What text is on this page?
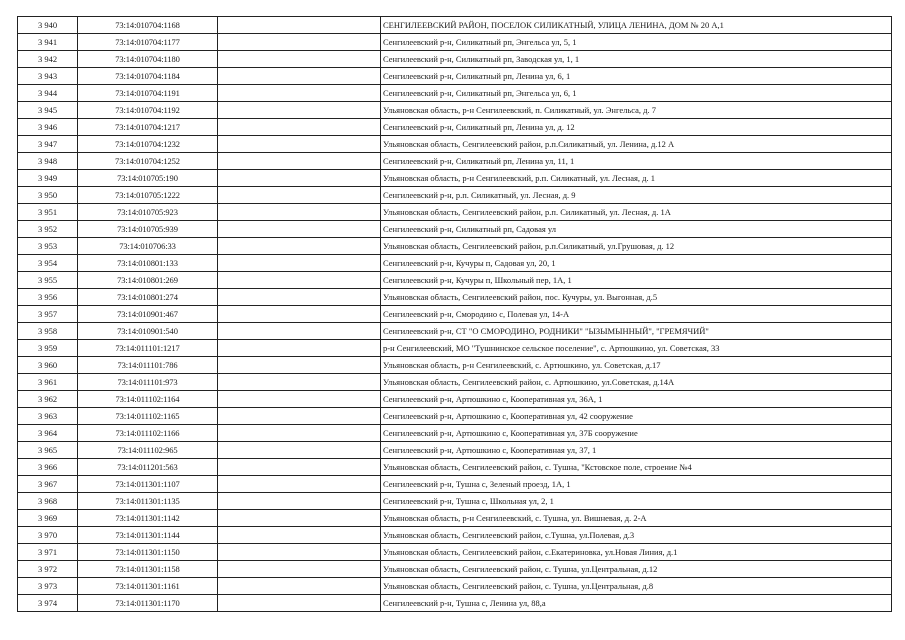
3 940	73:14:010704:1168		СЕНГИЛЕЕВСКИЙ РАЙОН, ПОСЕЛОК СИЛИКАТНЫЙ, УЛИЦА ЛЕНИНА, ДОМ № 20 А,1
3 941	73:14:010704:1177		Сенгилеевский р-н, Силикатный рп, Энгельса ул, 5, 1
3 942	73:14:010704:1180		Сенгилеевский р-н, Силикатный рп, Заводская ул, 1, 1
3 943	73:14:010704:1184		Сенгилеевский р-н, Силикатный рп, Ленина ул, 6, 1
3 944	73:14:010704:1191		Сенгилеевский р-н, Силикатный рп, Энгельса ул, 6, 1
3 945	73:14:010704:1192		Ульяновская область, р-н Сенгилеевский, п. Силикатный, ул. Энгельса, д. 7
3 946	73:14:010704:1217		Сенгилеевский р-н, Силикатный рп, Ленина ул, д. 12
3 947	73:14:010704:1232		Ульяновская область, Сенгилеевский район, р.п.Силикатный, ул. Ленина, д.12 А
3 948	73:14:010704:1252		Сенгилеевский р-н, Силикатный рп, Ленина ул, 11, 1
3 949	73:14:010705:190		Ульяновская область, р-н Сенгилеевский, р.п. Силикатный, ул. Лесная, д. 1
3 950	73:14:010705:1222		Сенгилеевский р-н, р.п. Силикатный, ул. Лесная, д. 9
3 951	73:14:010705:923		Ульяновская область, Сенгилеевский район, р.п. Силикатный, ул. Лесная, д. 1А
3 952	73:14:010705:939		Сенгилеевский р-н, Силикатный рп, Садовая ул
3 953	73:14:010706:33		Ульяновская область, Сенгилеевский район, р.п.Силикатный, ул.Грушовая, д. 12
3 954	73:14:010801:133		Сенгилеевский р-н, Кучуры п, Садовая ул, 20, 1
3 955	73:14:010801:269		Сенгилеевский р-н, Кучуры п, Школьный пер, 1А, 1
3 956	73:14:010801:274		Ульяновская область, Сенгилеевский район, пос. Кучуры, ул. Выгонная, д.5
3 957	73:14:010901:467		Сенгилеевский р-н, Смородино с, Полевая ул, 14-А
3 958	73:14:010901:540		Сенгилеевский р-н, СТ "О СМОРОДИНО, РОДНИКИ" "ЫЗЫМЫННЫЙ", "ГРЕМЯЧИЙ"
3 959	73:14:011101:1217		р-н Сенгилеевский, МО "Тушнинское сельское поселение", с. Артюшкино, ул. Советская, 33
3 960	73:14:011101:786		Ульяновская область, р-н Сенгилеевский, с. Артюшкино, ул. Советская, д.17
3 961	73:14:011101:973		Ульяновская область, Сенгилеевский район, с. Артюшкино, ул.Советская, д.14А
3 962	73:14:011102:1164		Сенгилеевский р-н, Артюшкино с, Кооперативная ул, 36А, 1
3 963	73:14:011102:1165		Сенгилеевский р-н, Артюшкино с, Кооперативная ул, 42 сооружение
3 964	73:14:011102:1166		Сенгилеевский р-н, Артюшкино с, Кооперативная ул, 37Б сооружение
3 965	73:14:011102:965		Сенгилеевский р-н, Артюшкино с, Кооперативная ул, 37, 1
3 966	73:14:011201:563		Ульяновская область, Сенгилеевский район, с. Тушна, "Кстовское поле, строение №4
3 967	73:14:011301:1107		Сенгилеевский р-н, Тушна с, Зеленый проезд, 1А, 1
3 968	73:14:011301:1135		Сенгилеевский р-н, Тушна с, Школьная ул, 2, 1
3 969	73:14:011301:1142		Ульяновская область, р-н Сенгилеевский, с. Тушна, ул. Вишневая, д. 2-А
3 970	73:14:011301:1144		Ульяновская область, Сенгилеевский район, с.Тушна, ул.Полевая, д.3
3 971	73:14:011301:1150		Ульяновская область, Сенгилеевский район, с.Екатериновка, ул.Новая Линия, д.1
3 972	73:14:011301:1158		Ульяновская область, Сенгилеевский район, с. Тушна, ул.Центральная, д.12
3 973	73:14:011301:1161		Ульяновская область, Сенгилеевский район, с. Тушна, ул.Центральная, д.8
3 974	73:14:011301:1170		Сенгилеевский р-н, Тушна с, Ленина ул, 88,а
